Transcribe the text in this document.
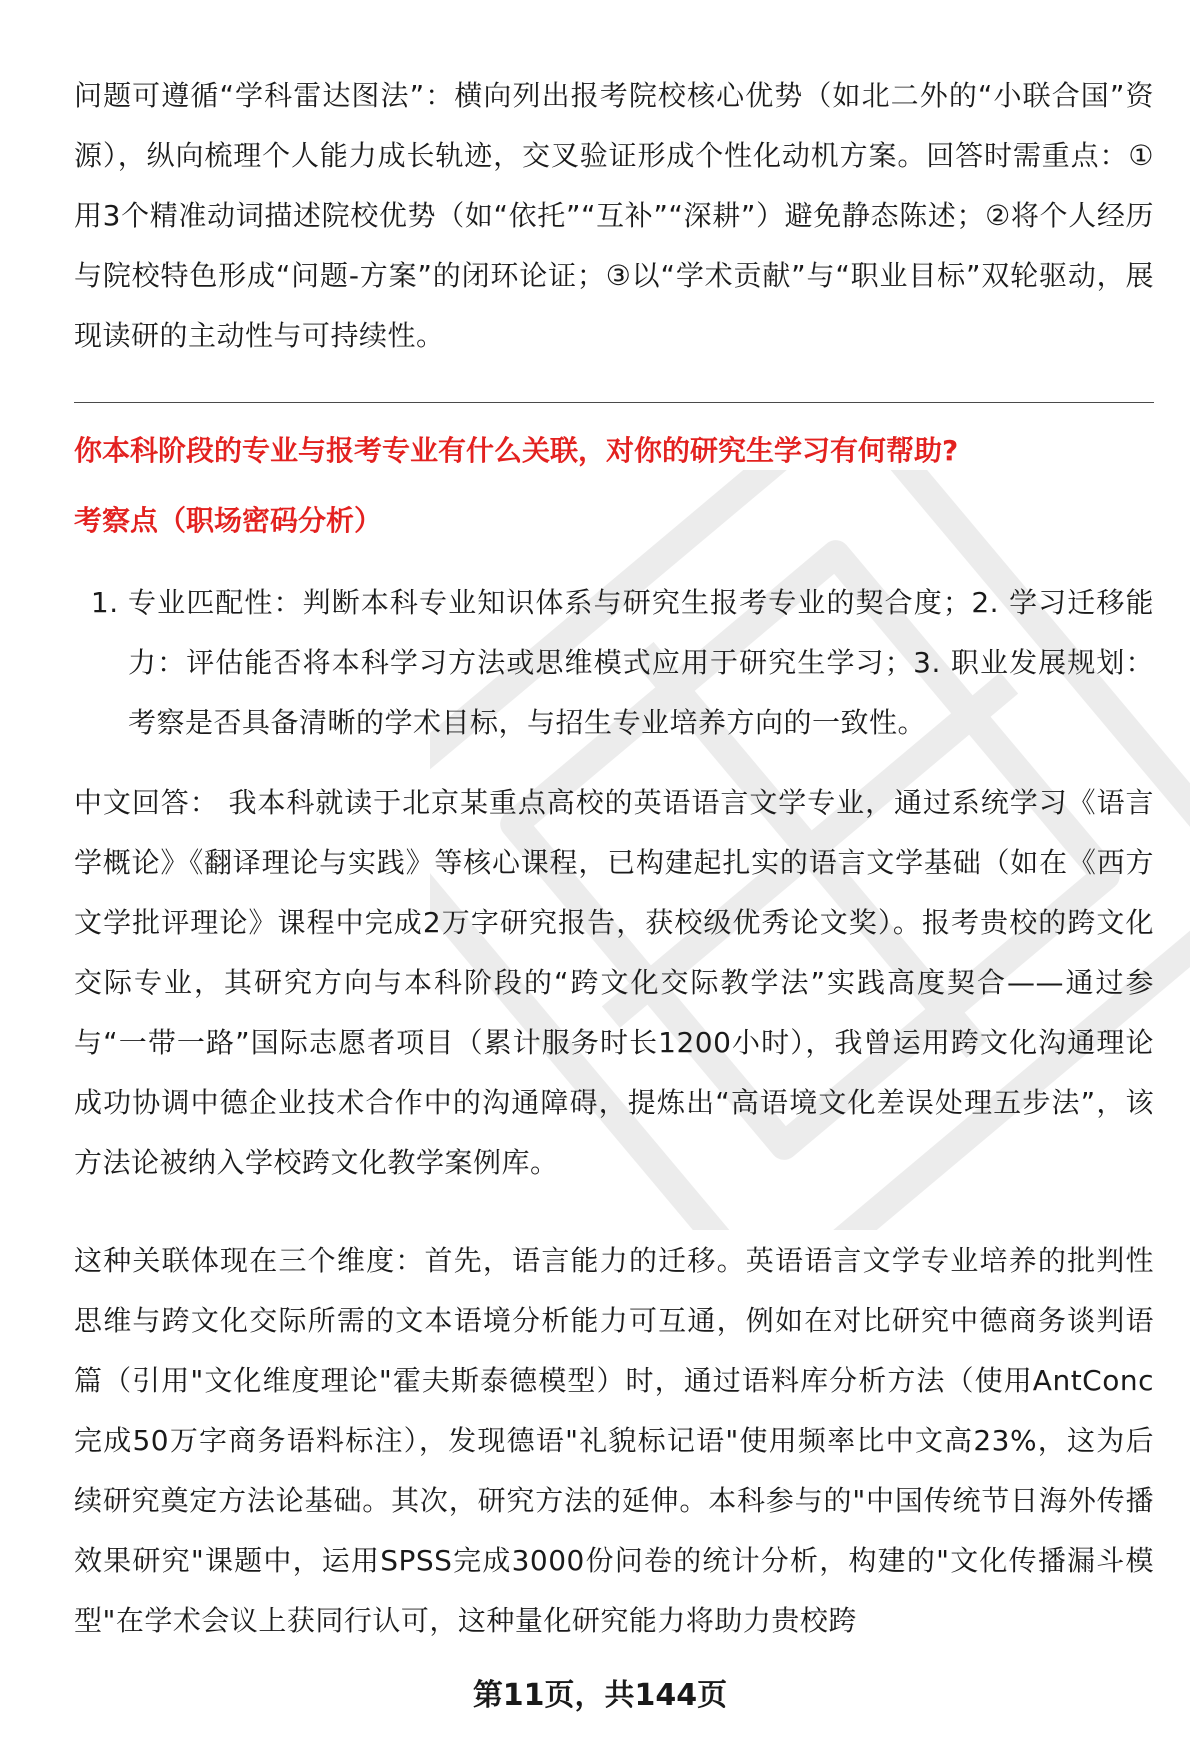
问题可遵循“学科雷达图法”：横向列出报考院校核心优势（如北二外的“小联合国”资源），纵向梳理个人能力成长轨迹，交叉验证形成个性化动机方案。回答时需重点：①用3个精准动词描述院校优势（如“依托”“互补”“深耕”）避免静态陈述；②将个人经历与院校特色形成“问题-方案”的闭环论证；③以“学术贡献”与“职业目标”双轮驱动，展现读研的主动性与可持续性。

你本科阶段的专业与报考专业有什么关联，对你的研究生学习有何帮助?
考察点（职场密码分析）
1. 专业匹配性：判断本科专业知识体系与研究生报考专业的契合度；2. 学习迁移能力：评估能否将本科学习方法或思维模式应用于研究生学习；3. 职业发展规划：考察是否具备清晰的学术目标，与招生专业培养方向的一致性。

中文回答： 我本科就读于北京某重点高校的英语语言文学专业，通过系统学习《语言学概论》《翻译理论与实践》等核心课程，已构建起扎实的语言文学基础（如在《西方文学批评理论》课程中完成2万字研究报告，获校级优秀论文奖）。报考贵校的跨文化交际专业，其研究方向与本科阶段的“跨文化交际教学法”实践高度契合——通过参与“一带一路”国际志愿者项目（累计服务时长1200小时），我曾运用跨文化沟通理论成功协调中德企业技术合作中的沟通障碍，提炼出“高语境文化差误处理五步法”，该方法论被纳入学校跨文化教学案例库。

这种关联体现在三个维度：首先，语言能力的迁移。英语语言文学专业培养的批判性思维与跨文化交际所需的文本语境分析能力可互通，例如在对比研究中德商务谈判语篇（引用"文化维度理论"霍夫斯泰德模型）时，通过语料库分析方法（使用AntConc完成50万字商务语料标注），发现德语"礼貌标记语"使用频率比中文高23%，这为后续研究奠定方法论基础。其次，研究方法的延伸。本科参与的"中国传统节日海外传播效果研究"课题中，运用SPSS完成3000份问卷的统计分析，构建的"文化传播漏斗模型"在学术会议上获同行认可，这种量化研究能力将助力贵校跨

第11页，共144页
